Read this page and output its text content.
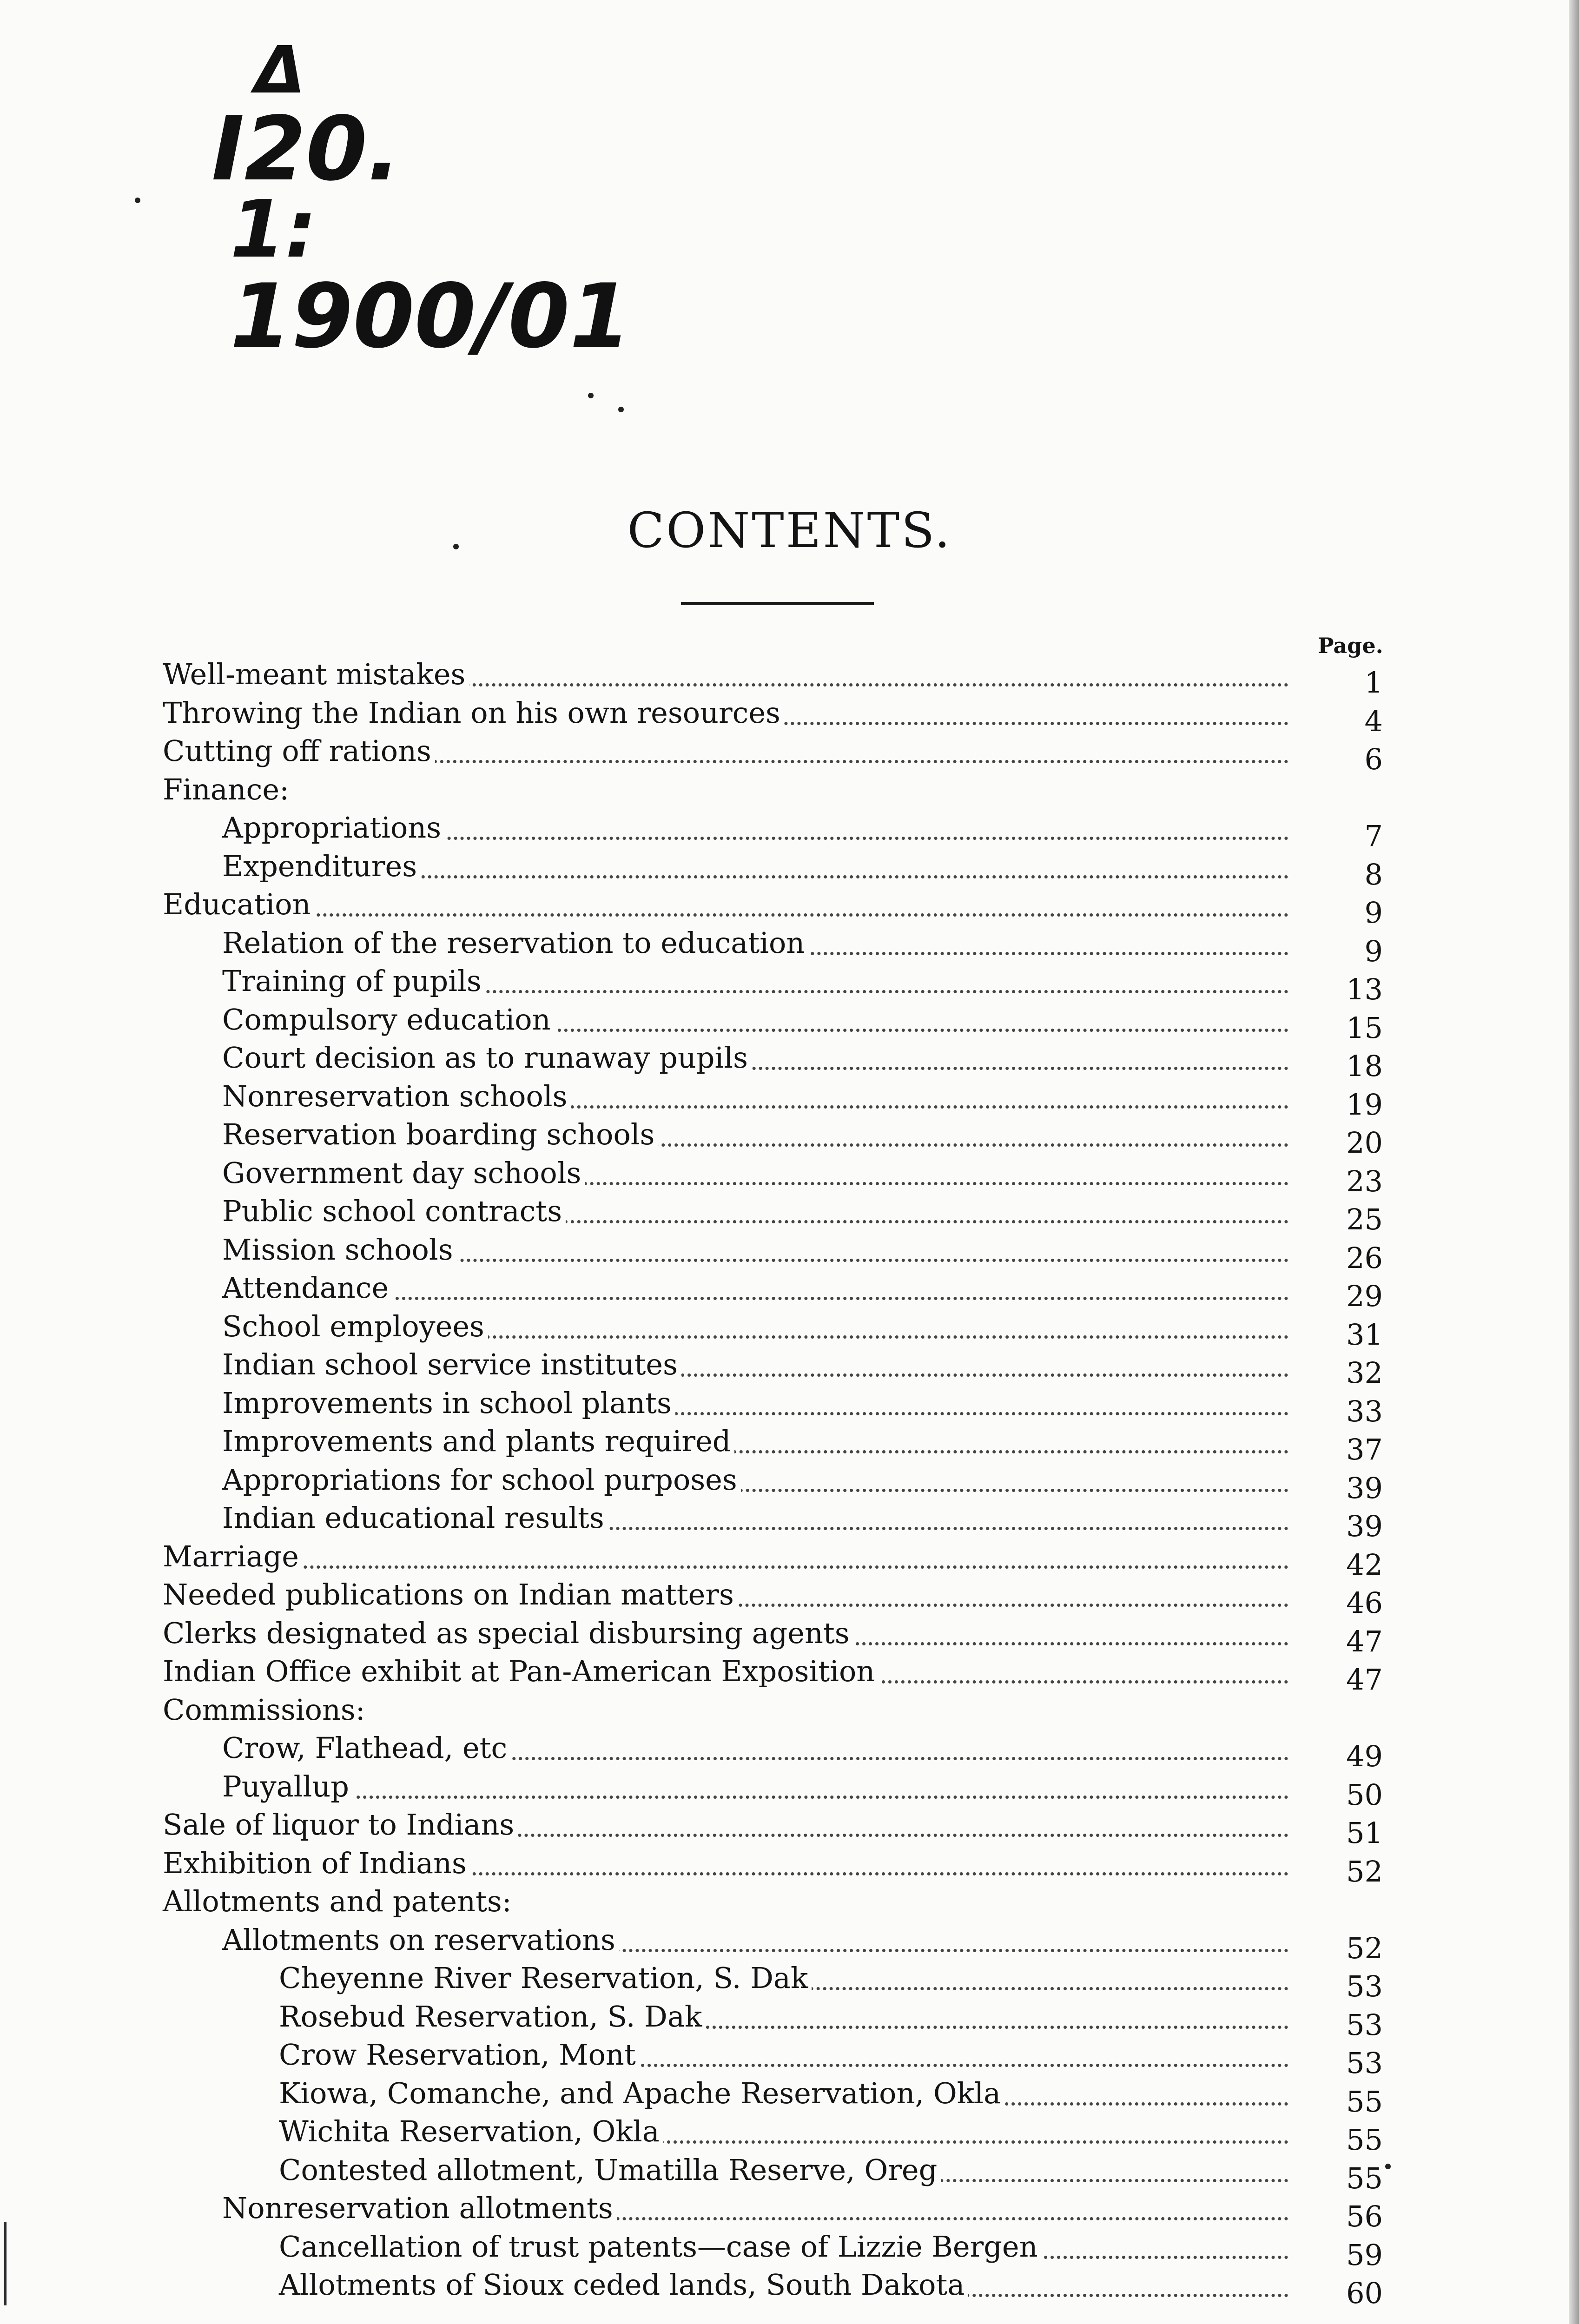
Δ
I20.
1:
1900/01
CONTENTS.
Page.
Well-meant mistakes	1
Throwing the Indian on his own resources	4
Cutting off rations	6
Finance:
Appropriations	7
Expenditures	8
Education	9
Relation of the reservation to education	9
Training of pupils	13
Compulsory education	15
Court decision as to runaway pupils	18
Nonreservation schools	19
Reservation boarding schools	20
Government day schools	23
Public school contracts	25
Mission schools	26
Attendance	29
School employees	31
Indian school service institutes	32
Improvements in school plants	33
Improvements and plants required	37
Appropriations for school purposes	39
Indian educational results	39
Marriage	42
Needed publications on Indian matters	46
Clerks designated as special disbursing agents	47
Indian Office exhibit at Pan-American Exposition	47
Commissions:
Crow, Flathead, etc	49
Puyallup	50
Sale of liquor to Indians	51
Exhibition of Indians	52
Allotments and patents:
Allotments on reservations	52
Cheyenne River Reservation, S. Dak	53
Rosebud Reservation, S. Dak	53
Crow Reservation, Mont	53
Kiowa, Comanche, and Apache Reservation, Okla	55
Wichita Reservation, Okla	55
Contested allotment, Umatilla Reserve, Oreg	55
Nonreservation allotments	56
Cancellation of trust patents—case of Lizzie Bergen	59
Allotments of Sioux ceded lands, South Dakota	60
